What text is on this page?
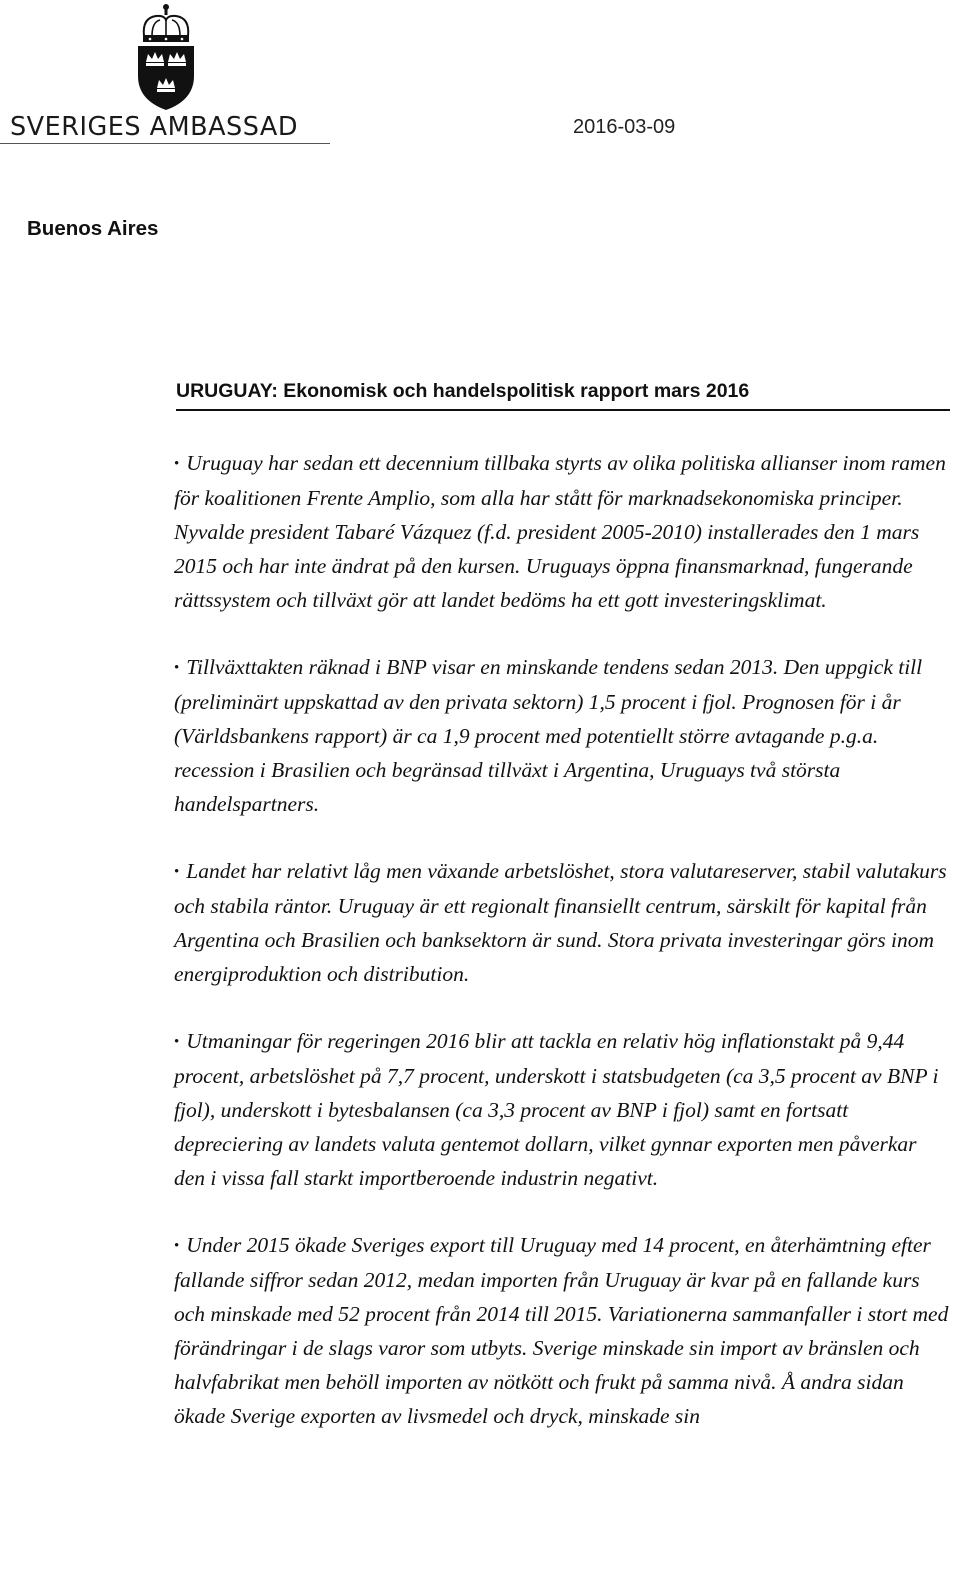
SVERIGES AMBASSAD	2016-03-09
Buenos Aires
URUGUAY: Ekonomisk och handelspolitisk rapport mars 2016

• Uruguay har sedan ett decennium tillbaka styrts av olika politiska allianser inom ramen för koalitionen Frente Amplio, som alla har stått för marknadsekonomiska principer. Nyvalde president Tabaré Vázquez (f.d. president 2005-2010) installerades den 1 mars 2015 och har inte ändrat på den kursen. Uruguays öppna finansmarknad, fungerande rättssystem och tillväxt gör att landet bedöms ha ett gott investeringsklimat.

• Tillväxttakten räknad i BNP visar en minskande tendens sedan 2013. Den uppgick till (preliminärt uppskattad av den privata sektorn) 1,5 procent i fjol. Prognosen för i år (Världsbankens rapport) är ca 1,9 procent med potentiellt större avtagande p.g.a. recession i Brasilien och begränsad tillväxt i Argentina, Uruguays två största handelspartners.

• Landet har relativt låg men växande arbetslöshet, stora valutareserver, stabil valutakurs och stabila räntor. Uruguay är ett regionalt finansiellt centrum, särskilt för kapital från Argentina och Brasilien och banksektorn är sund. Stora privata investeringar görs inom energiproduktion och distribution.

• Utmaningar för regeringen 2016 blir att tackla en relativ hög inflationstakt på 9,44 procent, arbetslöshet på 7,7 procent, underskott i statsbudgeten (ca 3,5 procent av BNP i fjol), underskott i bytesbalansen (ca 3,3 procent av BNP i fjol) samt en fortsatt depreciering av landets valuta gentemot dollarn, vilket gynnar exporten men påverkar den i vissa fall starkt importberoende industrin negativt.

• Under 2015 ökade Sveriges export till Uruguay med 14 procent, en återhämtning efter fallande siffror sedan 2012, medan importen från Uruguay är kvar på en fallande kurs och minskade med 52 procent från 2014 till 2015. Variationerna sammanfaller i stort med förändringar i de slags varor som utbyts. Sverige minskade sin import av bränslen och halvfabrikat men behöll importen av nötkött och frukt på samma nivå. Å andra sidan ökade Sverige exporten av livsmedel och dryck, minskade sin
